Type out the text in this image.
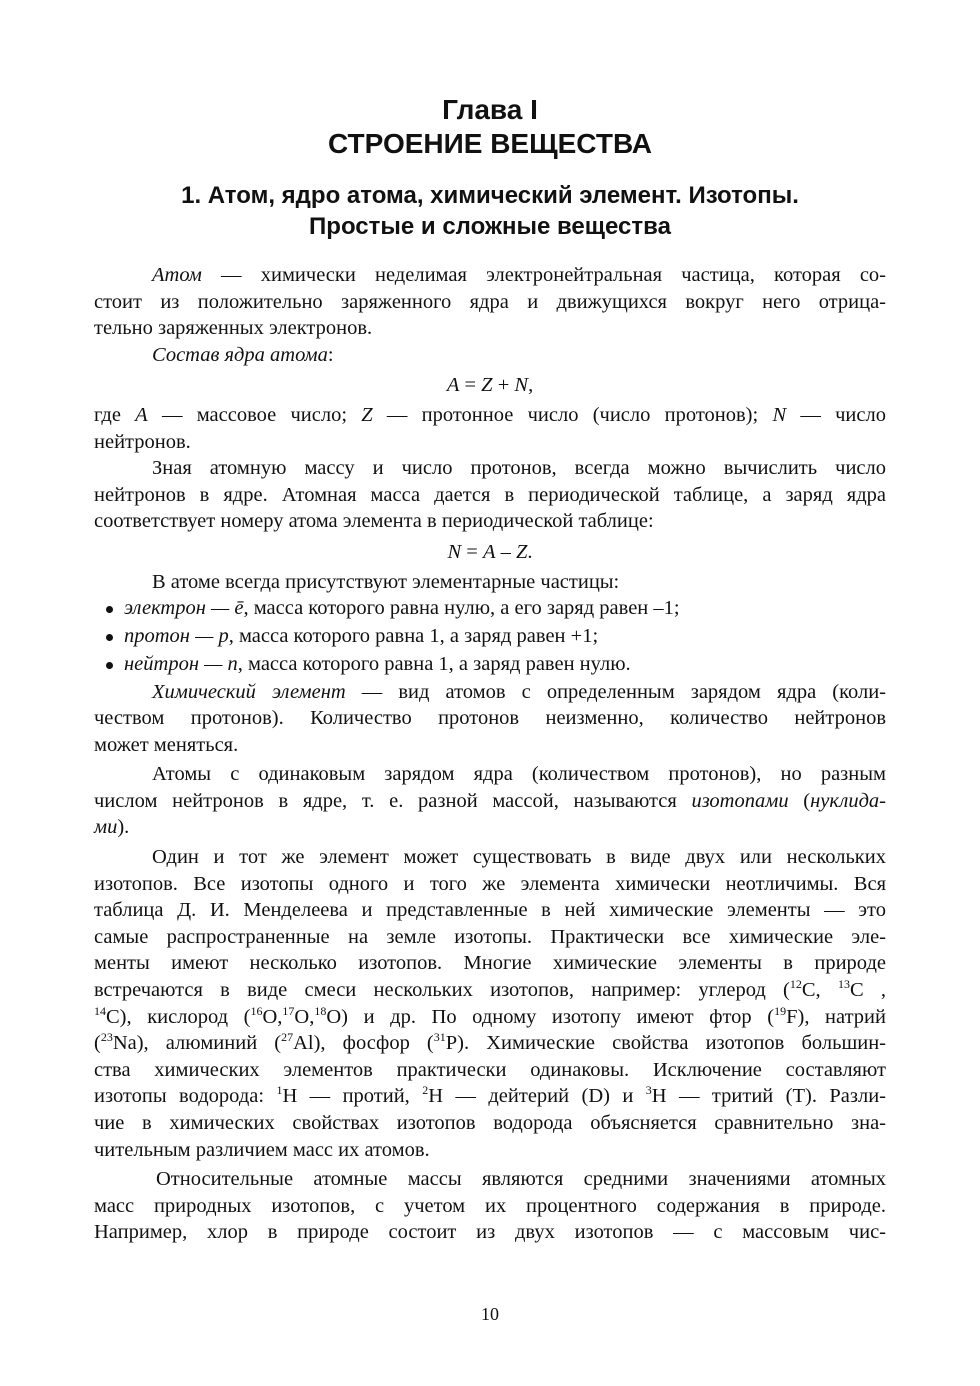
Глава I
СТРОЕНИЕ ВЕЩЕСТВА
1. Атом, ядро атома, химический элемент. Изотопы.
Простые и сложные вещества
Атом — химически неделимая электронейтральная частица, которая со-
стоит из положительно заряженного ядра и движущихся вокруг него отрица-
тельно заряженных электронов.
Состав ядра атома:
A = Z + N,
где A — массовое число; Z — протонное число (число протонов); N — число
нейтронов.
Зная атомную массу и число протонов, всегда можно вычислить число
нейтронов в ядре. Атомная масса дается в периодической таблице, а заряд ядра
соответствует номеру атома элемента в периодической таблице:
N = A – Z.
В атоме всегда присутствуют элементарные частицы:
электрон — ē, масса которого равна нулю, а его заряд равен –1;
протон — p, масса которого равна 1, а заряд равен +1;
нейтрон — n, масса которого равна 1, а заряд равен нулю.
Химический элемент — вид атомов с определенным зарядом ядра (коли-
чеством протонов). Количество протонов неизменно, количество нейтронов
может меняться.
Атомы с одинаковым зарядом ядра (количеством протонов), но разным
числом нейтронов в ядре, т. е. разной массой, называются изотопами (нуклида-
ми).
Один и тот же элемент может существовать в виде двух или нескольких
изотопов. Все изотопы одного и того же элемента химически неотличимы. Вся
таблица Д. И. Менделеева и представленные в ней химические элементы — это
самые распространенные на земле изотопы. Практически все химические эле-
менты имеют несколько изотопов. Многие химические элементы в природе
встречаются в виде смеси нескольких изотопов, например: углерод ($^{12}$C, $^{13}$C ,
$^{14}$C), кислород ($^{16}$O,$^{17}$O,$^{18}$O) и др. По одному изотопу имеют фтор ($^{19}$F), натрий
($^{23}$Na), алюминий ($^{27}$Al), фосфор ($^{31}$P). Химические свойства изотопов большин-
ства химических элементов практически одинаковы. Исключение составляют
изотопы водорода: $^1$H — протий, $^2$H — дейтерий (D) и $^3$H — тритий (T). Разли-
чие в химических свойствах изотопов водорода объясняется сравнительно зна-
чительным различием масс их атомов.
Относительные атомные массы являются средними значениями атомных
масс природных изотопов, с учетом их процентного содержания в природе.
Например, хлор в природе состоит из двух изотопов — с массовым чис-
10
